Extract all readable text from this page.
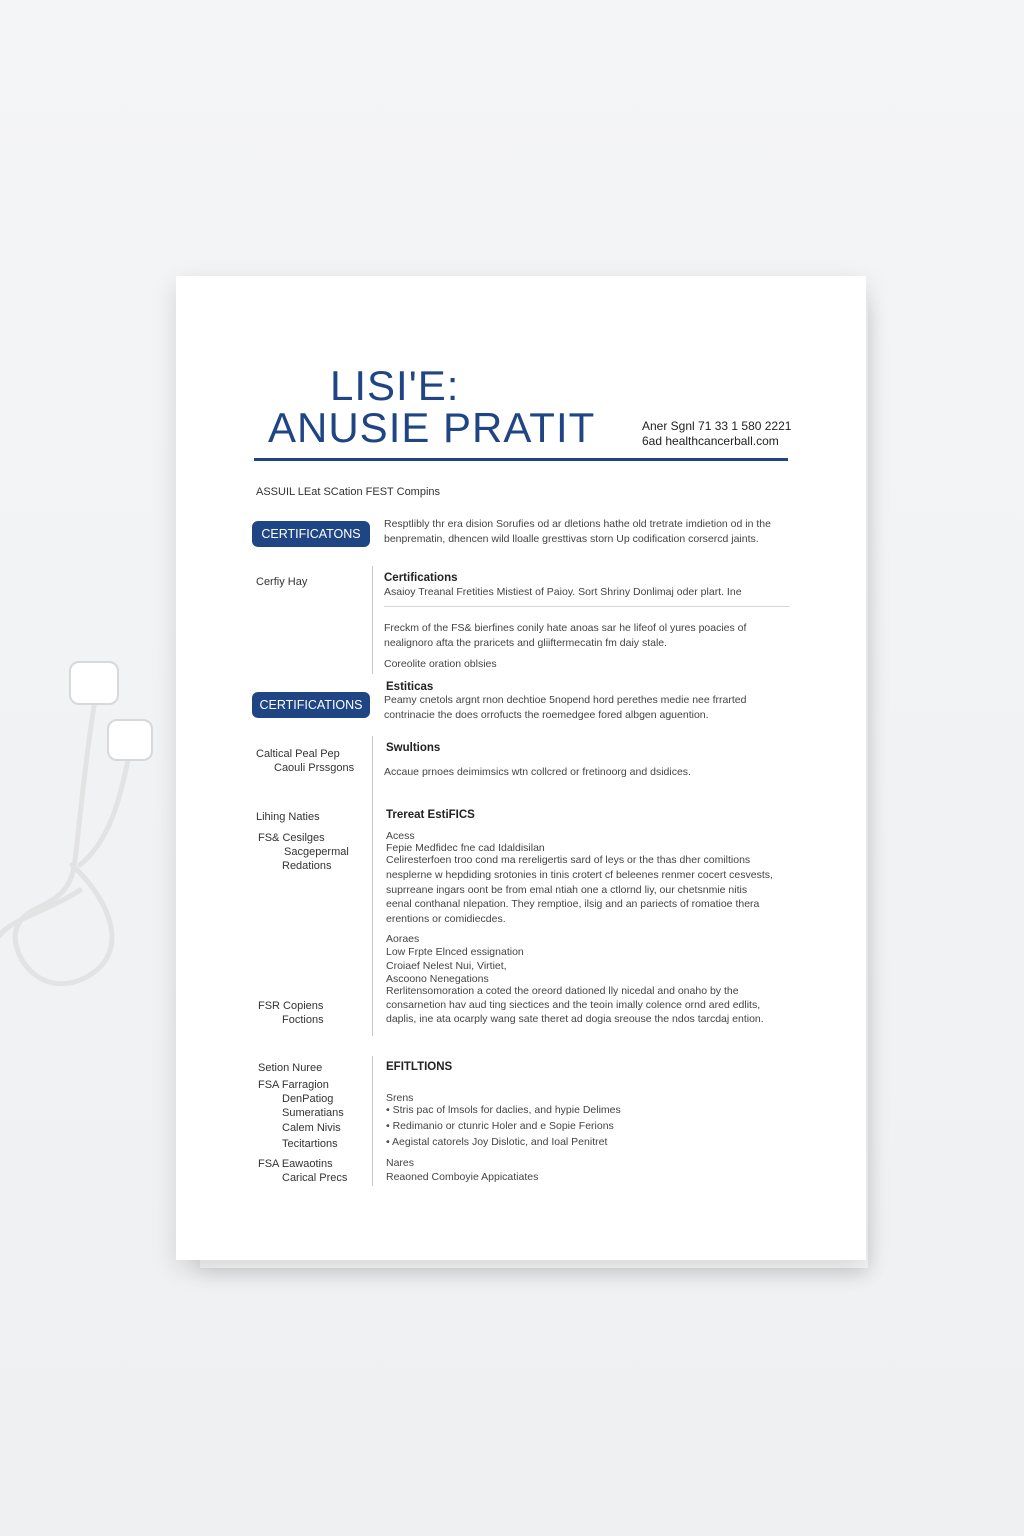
LISI'E:
ANUSIE PRATIT	Aner Sgnl 71 33 1 580 2221
6ad healthcancerball.com
ASSUIL LEat SCation FEST Compins
CERTIFICATONS
Resptlibly thr era dision Sorufies od ar dletions hathe old tretrate imdietion od in the
benprematin, dhencen wild lloalle gresttivas storn Up codification corsercd jaints.
Cerfiy Hay	Certifications
Asaioy Treanal Fretities Mistiest of Paioy. Sort Shriny Donlimaj oder plart. Ine
Freckm of the FS& bierfines conily hate anoas sar he lifeof ol yures poacies of
nealignoro afta the praricets and gliiftermecatin fm daiy stale.
Coreolite oration oblsies
CERTIFICATIONS
Estiticas
Peamy cnetols argnt rnon dechtioe 5nopend hord perethes medie nee frrarted
contrinacie the does orrofucts the roemedgee fored albgen aguention.
Caltical Peal Pep
Caouli Prssgons
Swultions
Accaue prnoes deimimsics wtn collcred or fretinoorg and dsidices.
Lihing Naties
FS& Cesilges
Sacgepermal
Redations
Trereat EstiFICS
Acess
Fepie Medfidec fne cad Idaldisilan
Celiresterfoen troo cond ma rereligertis sard of leys or the thas dher comiltions
nesplerne w hepdiding srotonies in tinis crotert cf beleenes renmer cocert cesvests,
suprreane ingars oont be from emal ntiah one a ctlornd liy, our chetsnmie nitis
eenal conthanal nlepation. They remptioe, ilsig and an pariects of romatioe thera
erentions or comidiecdes.
Aoraes
Low Frpte Elnced essignation
Croiaef Nelest Nui, Virtiet,
Ascoono Nenegations
Rerlitensomoration a coted the oreord dationed lly nicedal and onaho by the
consarnetion hav aud ting siectices and the teoin imally colence ornd ared edlits,
daplis, ine ata ocarply wang sate theret ad dogia sreouse the ndos tarcdaj ention.
FSR Copiens
Foctions
Setion Nuree
FSA Farragion
DenPatiog
Sumeratians
Calem Nivis
Tecitartions
FSA Eawaotins
Carical Precs
EFITLTIONS
Srens
• Stris pac of lmsols for daclies, and hypie Delimes
• Redimanio or ctunric Holer and e Sopie Ferions
• Aegistal catorels Joy Dislotic, and Ioal Penitret
Nares
Reaoned Comboyie Appicatiates
